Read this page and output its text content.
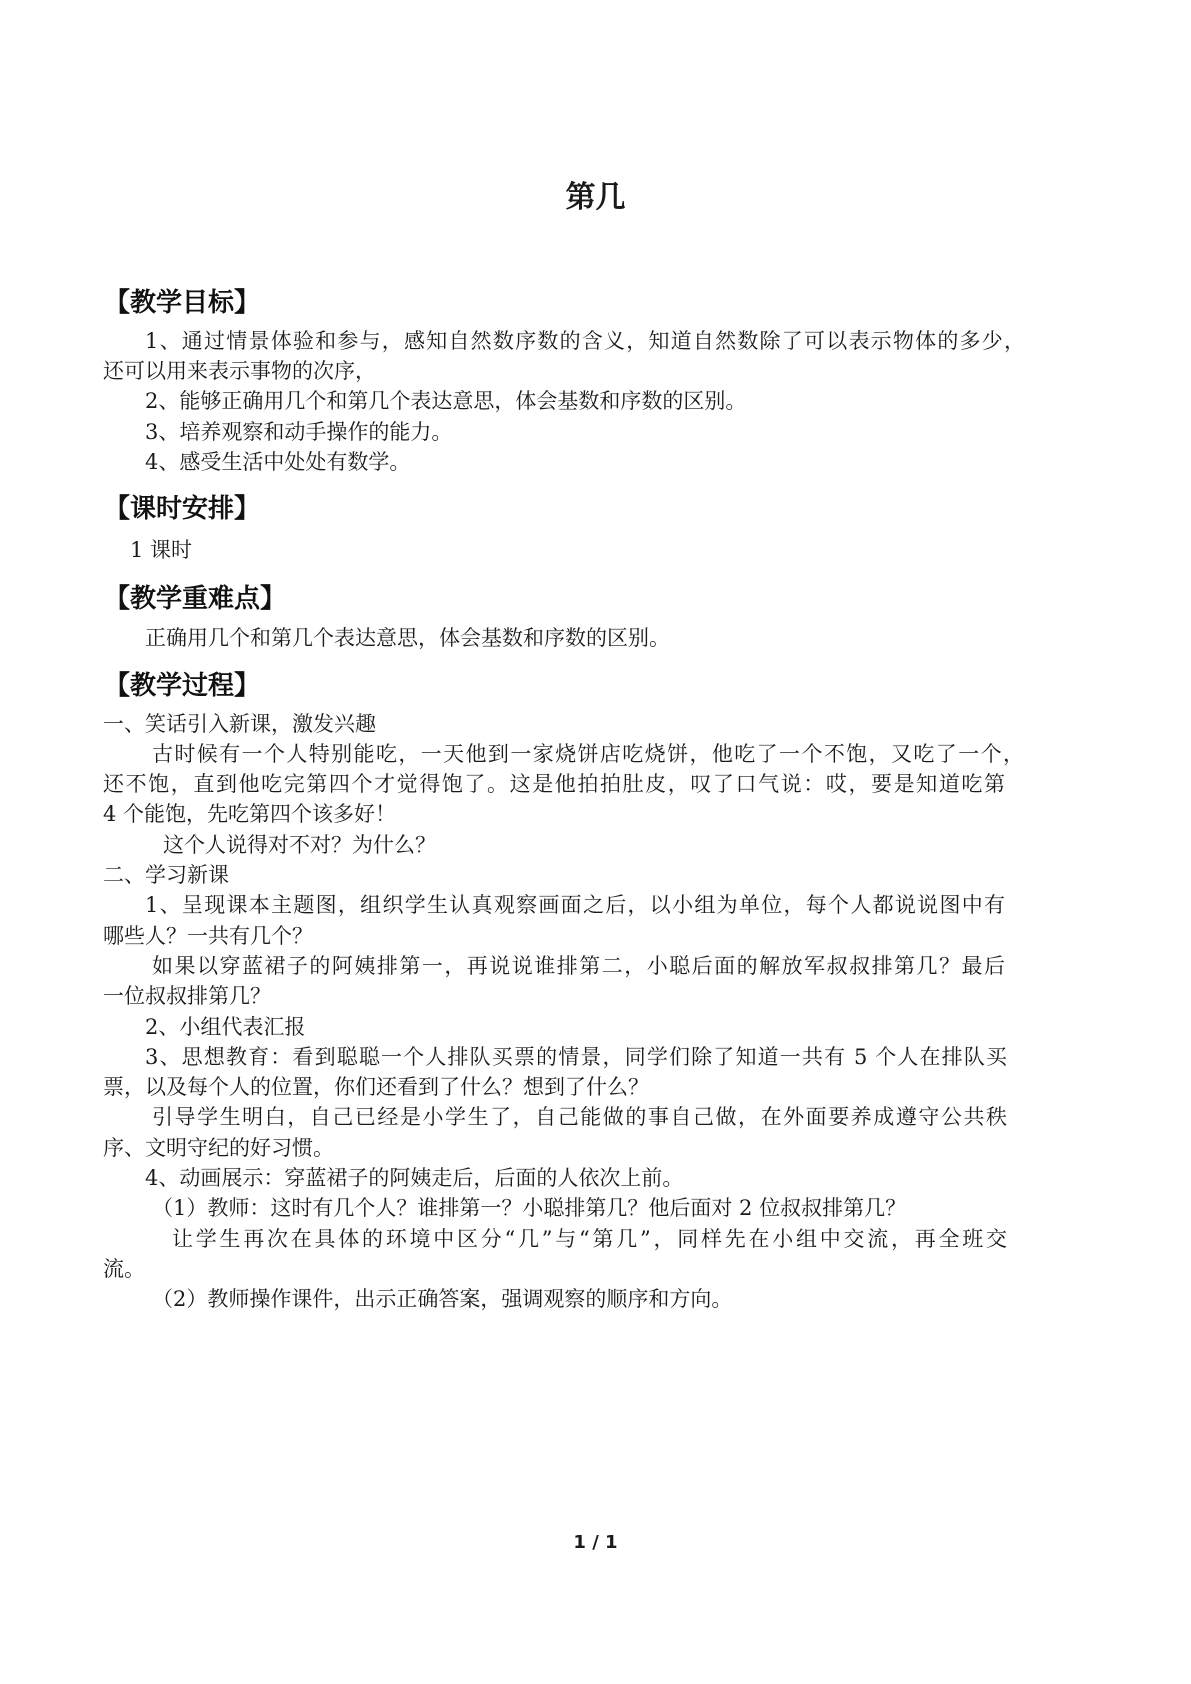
第几
【教学目标】
1、通过情景体验和参与，感知自然数序数的含义，知道自然数除了可以表示物体的多少，
还可以用来表示事物的次序，
2、能够正确用几个和第几个表达意思，体会基数和序数的区别。
3、培养观察和动手操作的能力。
4、感受生活中处处有数学。
【课时安排】
1 课时
【教学重难点】
正确用几个和第几个表达意思，体会基数和序数的区别。
【教学过程】
一、笑话引入新课，激发兴趣
古时候有一个人特别能吃，一天他到一家烧饼店吃烧饼，他吃了一个不饱，又吃了一个，
还不饱，直到他吃完第四个才觉得饱了。这是他拍拍肚皮，叹了口气说：哎，要是知道吃第
4 个能饱，先吃第四个该多好！
这个人说得对不对？为什么？
二、学习新课
1、呈现课本主题图，组织学生认真观察画面之后，以小组为单位，每个人都说说图中有
哪些人？一共有几个？
如果以穿蓝裙子的阿姨排第一，再说说谁排第二，小聪后面的解放军叔叔排第几？最后
一位叔叔排第几？
2、小组代表汇报
3、思想教育：看到聪聪一个人排队买票的情景，同学们除了知道一共有 5 个人在排队买
票，以及每个人的位置，你们还看到了什么？想到了什么？
引导学生明白，自己已经是小学生了，自己能做的事自己做，在外面要养成遵守公共秩
序、文明守纪的好习惯。
4、动画展示：穿蓝裙子的阿姨走后，后面的人依次上前。
（1）教师：这时有几个人？谁排第一？小聪排第几？他后面对 2 位叔叔排第几？
让学生再次在具体的环境中区分“几”与“第几”，同样先在小组中交流，再全班交
流。
（2）教师操作课件，出示正确答案，强调观察的顺序和方向。
1 / 1
